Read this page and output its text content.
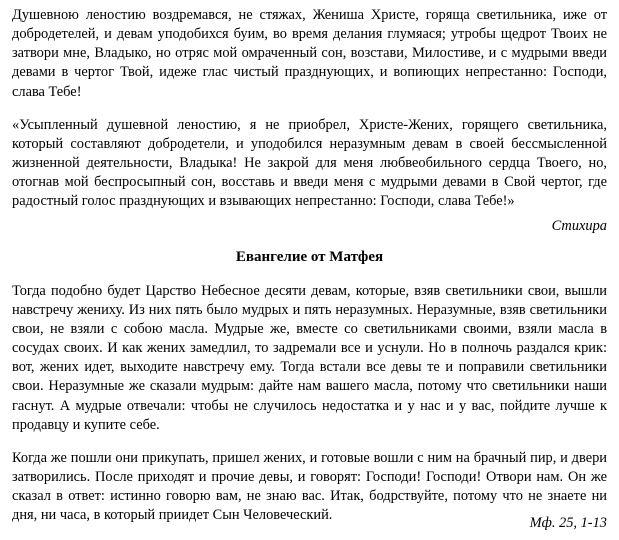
Душевною леностию воздремався, не стяжах, Жениша Христе, горяща светильника, иже от добродетелей, и девам уподобихся буим, во время делания глумяася; утробы щедрот Твоих не затвори мне, Владыко, но отряс мой омраченный сон, возстави, Милостиве, и с мудрыми введи девами в чертог Твой, идеже глас чистый празднующих, и вопиющих непрестанно: Господи, слава Тебе!

«Усыпленный душевной леностию, я не приобрел, Христе-Жених, горящего светильника, который составляют добродетели, и уподобился неразумным девам в своей бессмысленной жизненной деятельности, Владыка! Не закрой для меня любвеобильного сердца Твоего, но, отогнав мой беспросыпный сон, восставь и введи меня с мудрыми девами в Свой чертог, где радостный голос празднующих и взывающих непрестанно: Господи, слава Тебе!»

Стихира
Евангелие от Матфея

Тогда подобно будет Царство Небесное десяти девам, которые, взяв светильники свои, вышли навстречу жениху. Из них пять было мудрых и пять неразумных. Неразумные, взяв светильники свои, не взяли с собою масла. Мудрые же, вместе со светильниками своими, взяли масла в сосудах своих. И как жених замедлил, то задремали все и уснули. Но в полночь раздался крик: вот, жених идет, выходите навстречу ему. Тогда встали все девы те и поправили светильники свои. Неразумные же сказали мудрым: дайте нам вашего масла, потому что светильники наши гаснут. А мудрые отвечали: чтобы не случилось недостатка и у нас и у вас, пойдите лучше к продавцу и купите себе.

Когда же пошли они прикупать, пришел жених, и готовые вошли с ним на брачный пир, и двери затворились. После приходят и прочие девы, и говорят: Господи! Господи! Отвори нам. Он же сказал в ответ: истинно говорю вам, не знаю вас. Итак, бодрствуйте, потому что не знаете ни дня, ни часа, в который приидет Сын Человеческий.	Мф. 25, 1-13
